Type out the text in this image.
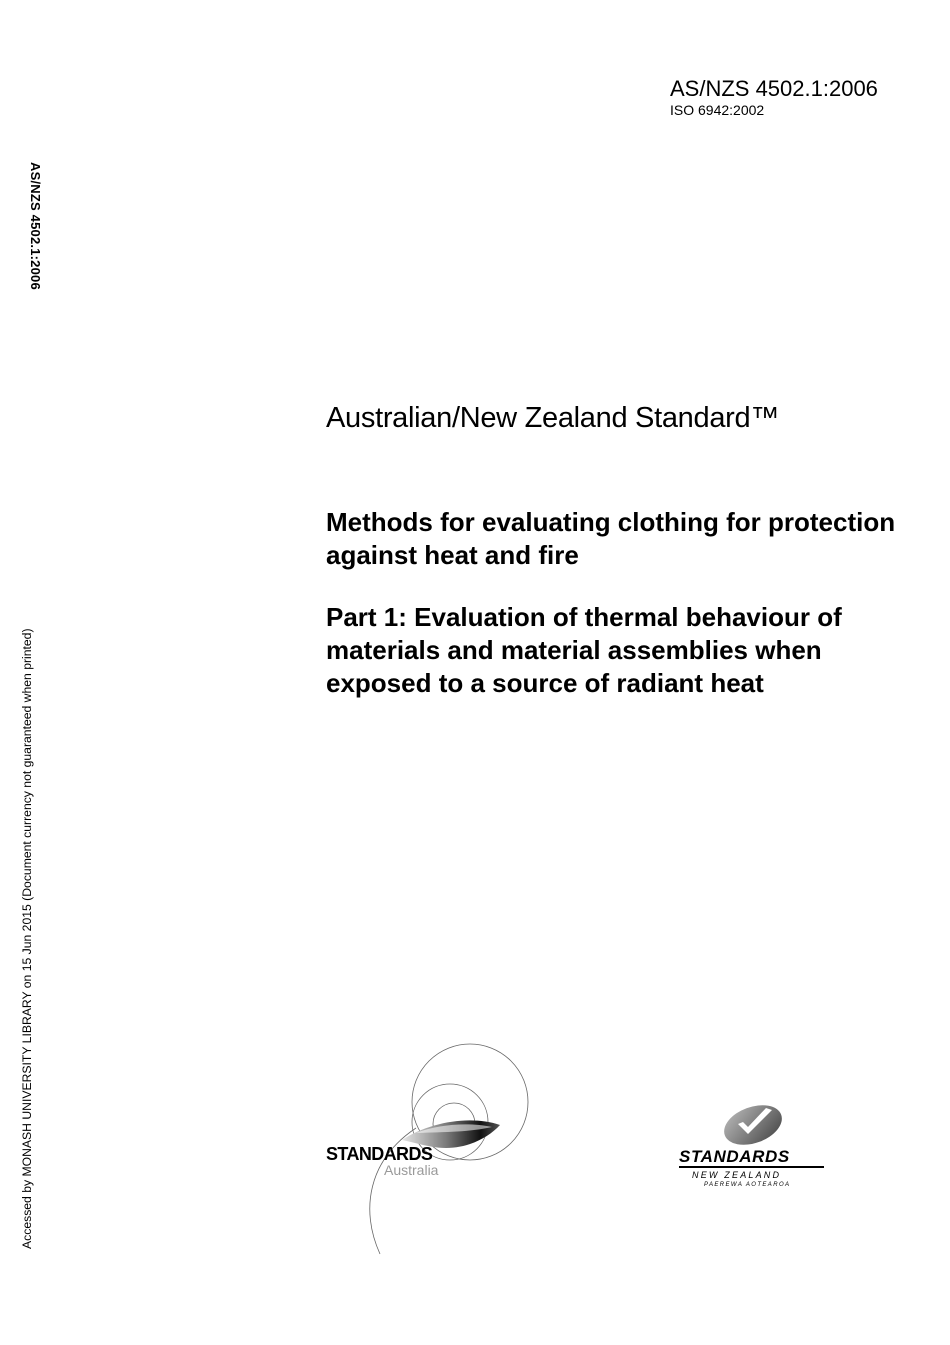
AS/NZS 4502.1:2006
ISO 6942:2002
AS/NZS 4502.1:2006
Accessed by MONASH UNIVERSITY LIBRARY on 15 Jun 2015 (Document currency not guaranteed when printed)
Australian/New Zealand Standard™
Methods for evaluating clothing for protection against heat and fire
Part 1: Evaluation of thermal behaviour of materials and material assemblies when exposed to a source of radiant heat
STANDARDS
Australia
STANDARDS
NEW ZEALAND
PAEREWA AOTEAROA
